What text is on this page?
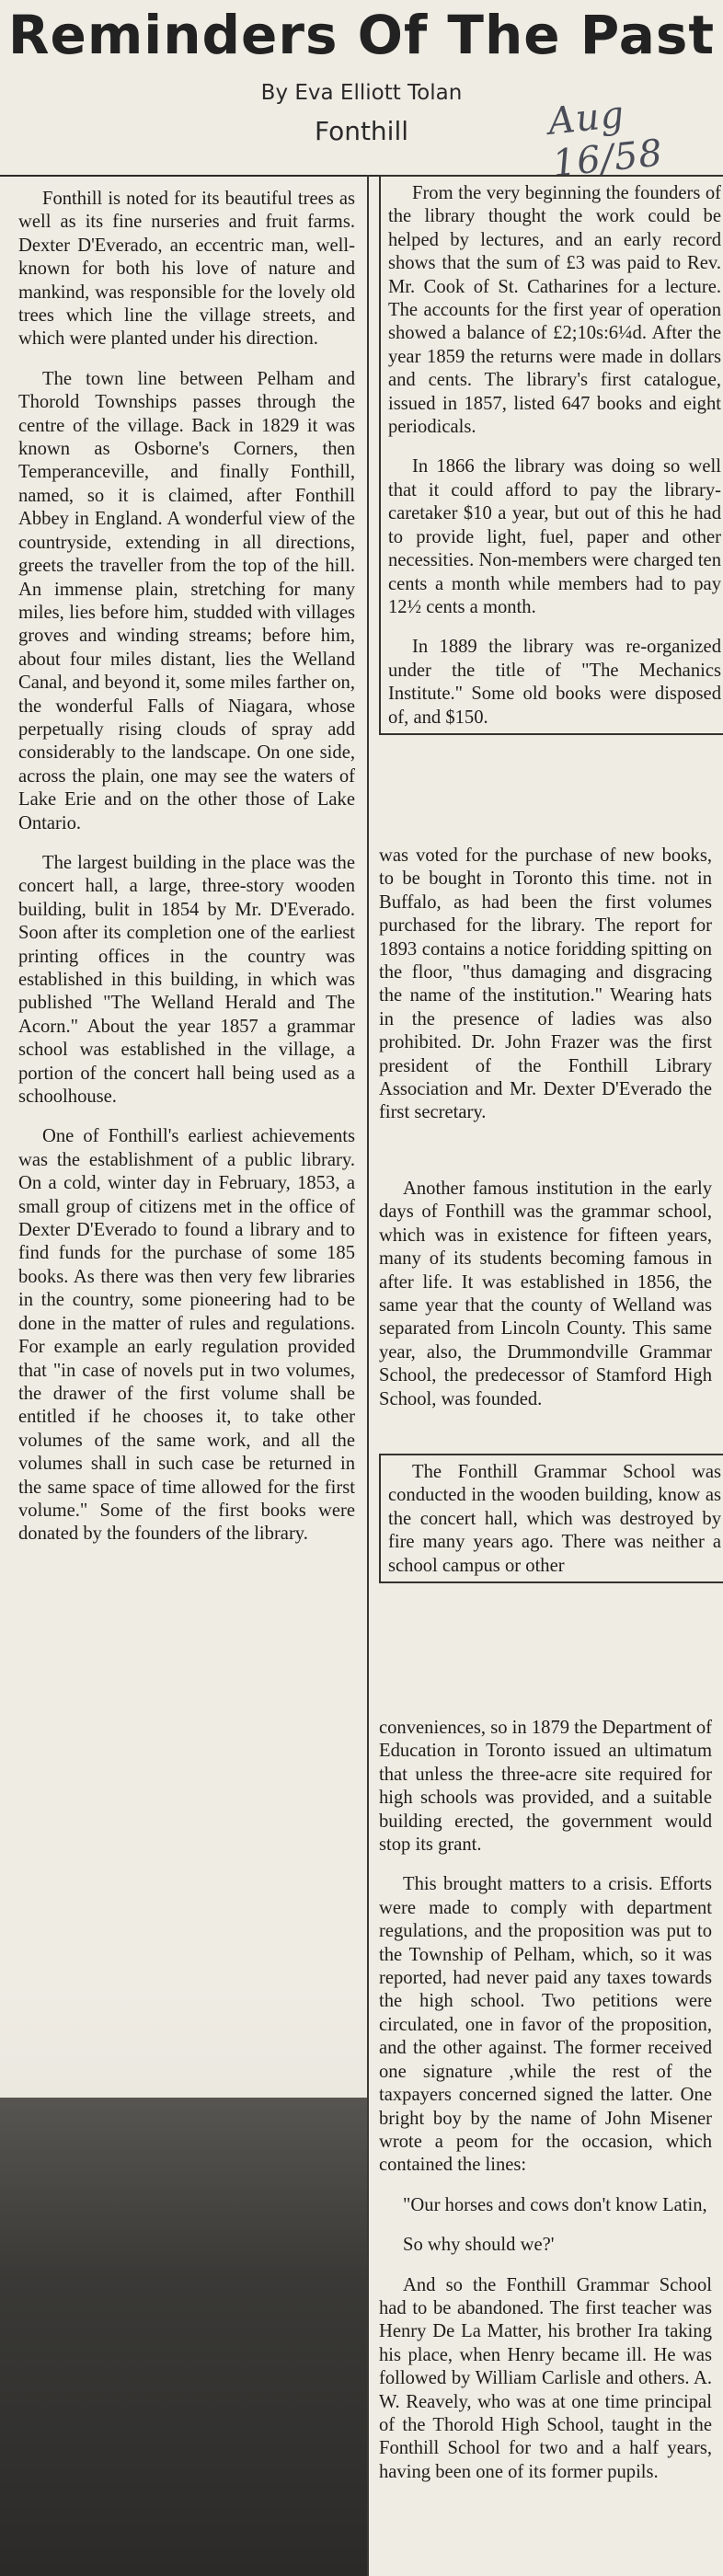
Reminders Of The Past
By Eva Elliott Tolan
Fonthill	Aug 16/58

Fonthill is noted for its beautiful trees as well as its fine nurseries and fruit farms. Dexter D'Everado, an eccentric man, well-known for both his love of nature and mankind, was responsible for the lovely old trees which line the village streets, and which were planted under his direction.

The town line between Pelham and Thorold Townships passes through the centre of the village. Back in 1829 it was known as Osborne's Corners, then Temperanceville, and finally Fonthill, named, so it is claimed, after Fonthill Abbey in England. A wonderful view of the countryside, extending in all directions, greets the traveller from the top of the hill. An immense plain, stretching for many miles, lies before him, studded with villages groves and winding streams; before him, about four miles distant, lies the Welland Canal, and beyond it, some miles farther on, the wonderful Falls of Niagara, whose perpetually rising clouds of spray add considerably to the landscape. On one side, across the plain, one may see the waters of Lake Erie and on the other those of Lake Ontario.

The largest building in the place was the concert hall, a large, three-story wooden building, bulit in 1854 by Mr. D'Everado. Soon after its completion one of the earliest printing offices in the country was established in this building, in which was published "The Welland Herald and The Acorn." About the year 1857 a grammar school was established in the village, a portion of the concert hall being used as a schoolhouse.

One of Fonthill's earliest achievements was the establishment of a public library. On a cold, winter day in February, 1853, a small group of citizens met in the office of Dexter D'Everado to found a library and to find funds for the purchase of some 185 books. As there was then very few libraries in the country, some pioneering had to be done in the matter of rules and regulations. For example an early regulation provided that "in case of novels put in two volumes, the drawer of the first volume shall be entitled if he chooses it, to take other volumes of the same work, and all the volumes shall in such case be returned in the same space of time allowed for the first volume." Some of the first books were donated by the founders of the library.

From the very beginning the founders of the library thought the work could be helped by lectures, and an early record shows that the sum of £3 was paid to Rev. Mr. Cook of St. Catharines for a lecture. The accounts for the first year of operation showed a balance of £2;10s:6¼d. After the year 1859 the returns were made in dollars and cents. The library's first catalogue, issued in 1857, listed 647 books and eight periodicals.

In 1866 the library was doing so well that it could afford to pay the library-caretaker $10 a year, but out of this he had to provide light, fuel, paper and other necessities. Non-members were charged ten cents a month while members had to pay 12½ cents a month.

In 1889 the library was re-organized under the title of "The Mechanics Institute." Some old books were disposed of, and $150.

was voted for the purchase of new books, to be bought in Toronto this time. not in Buffalo, as had been the first volumes purchased for the library. The report for 1893 contains a notice foridding spitting on the floor, "thus damaging and disgracing the name of the institution." Wearing hats in the presence of ladies was also prohibited. Dr. John Frazer was the first president of the Fonthill Library Association and Mr. Dexter D'Everado the first secretary.

Another famous institution in the early days of Fonthill was the grammar school, which was in existence for fifteen years, many of its students becoming famous in after life. It was established in 1856, the same year that the county of Welland was separated from Lincoln County. This same year, also, the Drummondville Grammar School, the predecessor of Stamford High School, was founded.

The Fonthill Grammar School was conducted in the wooden building, know as the concert hall, which was destroyed by fire many years ago. There was neither a school campus or other

conveniences, so in 1879 the Department of Education in Toronto issued an ultimatum that unless the three-acre site required for high schools was provided, and a suitable building erected, the government would stop its grant.

This brought matters to a crisis. Efforts were made to comply with department regulations, and the proposition was put to the Township of Pelham, which, so it was reported, had never paid any taxes towards the high school. Two petitions were circulated, one in favor of the proposition, and the other against. The former received one signature ,while the rest of the taxpayers concerned signed the latter. One bright boy by the name of John Misener wrote a peom for the occasion, which contained the lines:

"Our horses and cows don't know Latin,

So why should we?'

And so the Fonthill Grammar School had to be abandoned. The first teacher was Henry De La Matter, his brother Ira taking his place, when Henry became ill. He was followed by William Carlisle and others. A. W. Reavely, who was at one time principal of the Thorold High School, taught in the Fonthill School for two and a half years, having been one of its former pupils.
